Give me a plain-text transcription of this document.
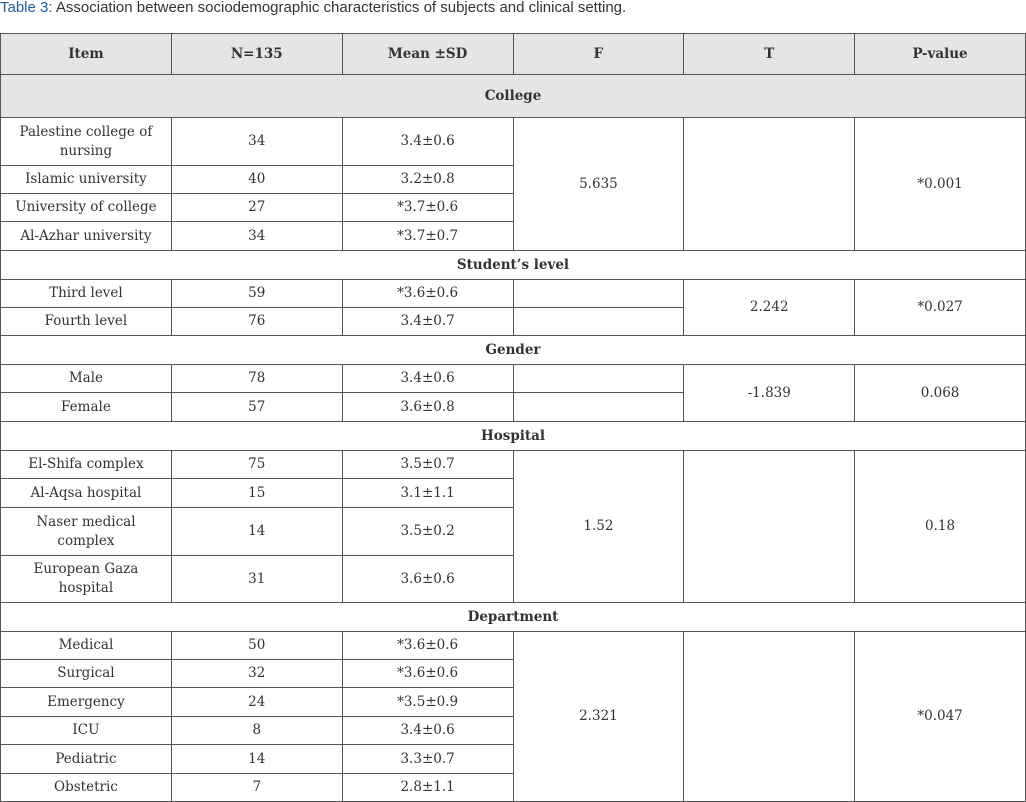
Table 3: Association between sociodemographic characteristics of subjects and clinical setting.
Item	N=135	Mean ±SD	F	T	P-value
College					
Palestine college of nursing	34	3.4±0.6	5.635		*0.001
Islamic university	40	3.2±0.8			
University of college	27	*3.7±0.6			
Al-Azhar university	34	*3.7±0.7			
Student’s level					
Third level	59	*3.6±0.6		2.242	*0.027
Fourth level	76	3.4±0.7			
Gender					
Male	78	3.4±0.6		-1.839	0.068
Female	57	3.6±0.8			
Hospital					
El-Shifa complex	75	3.5±0.7	1.52		0.18
Al-Aqsa hospital	15	3.1±1.1			
Naser medical complex	14	3.5±0.2			
European Gaza hospital	31	3.6±0.6			
Department					
Medical	50	*3.6±0.6	2.321		*0.047
Surgical	32	*3.6±0.6			
Emergency	24	*3.5±0.9			
ICU	8	3.4±0.6			
Pediatric	14	3.3±0.7			
Obstetric	7	2.8±1.1			
